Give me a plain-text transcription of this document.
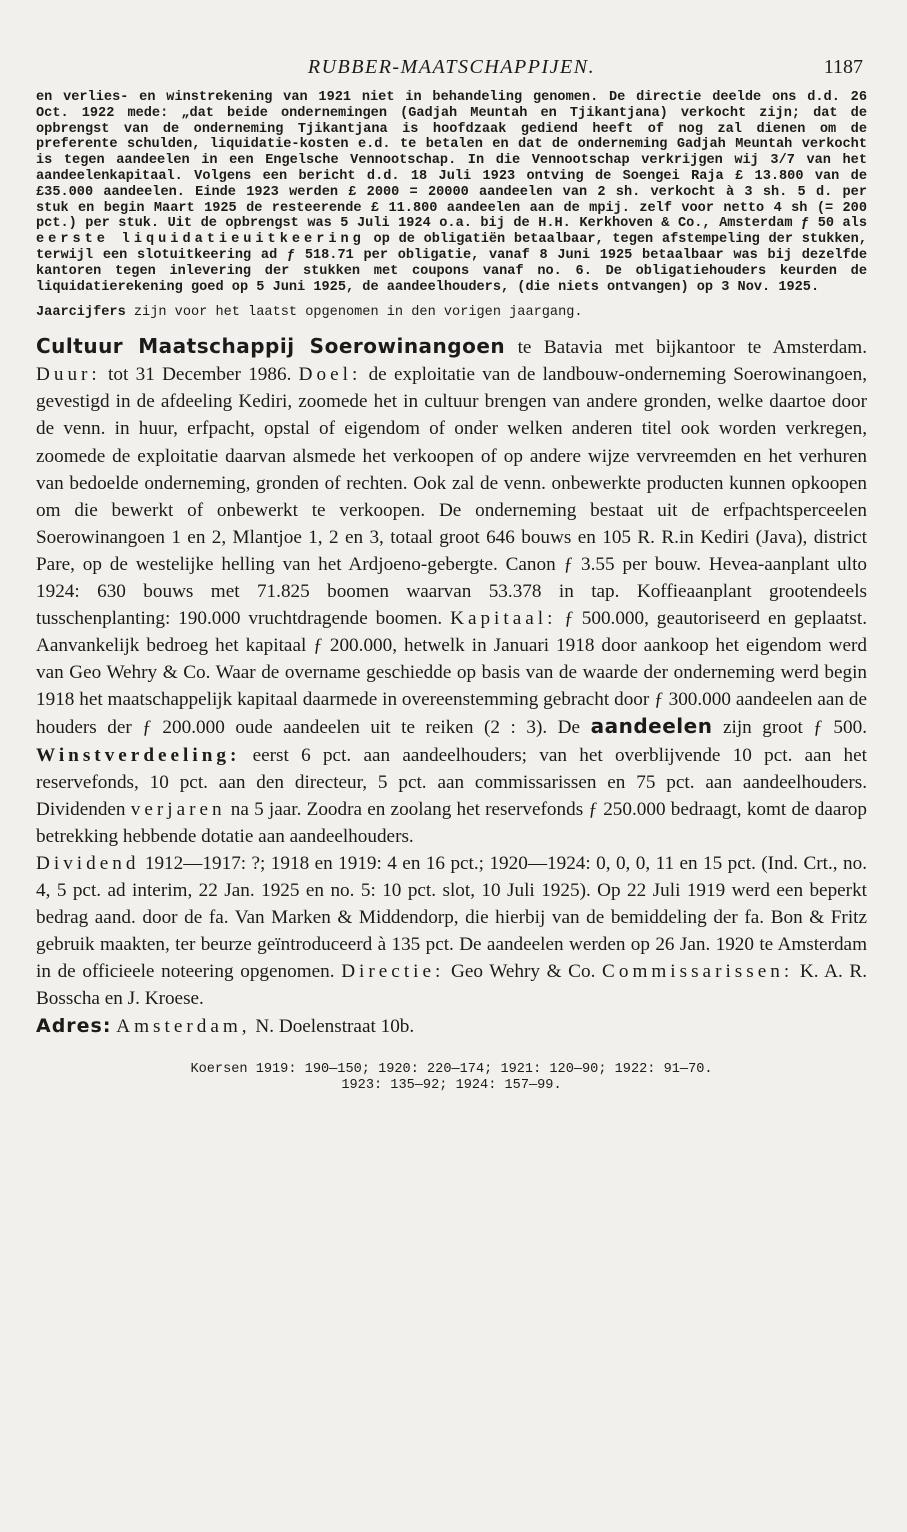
RUBBER-MAATSCHAPPIJEN.	1187

en verlies- en winstrekening van 1921 niet in behandeling genomen. De directie deelde ons d.d. 26 Oct. 1922 mede: „dat beide ondernemingen (Gadjah Meuntah en Tjikantjana) verkocht zijn; dat de opbrengst van de onderneming Tjikantjana is hoofdzaak gediend heeft of nog zal dienen om de preferente schulden, liquidatie-kosten e.d. te betalen en dat de onderneming Gadjah Meuntah verkocht is tegen aandeelen in een Engelsche Vennootschap. In die Vennootschap verkrijgen wij 3/7 van het aandeelenkapitaal. Volgens een bericht d.d. 18 Juli 1923 ontving de Soengei Raja £ 13.800 van de £35.000 aandeelen. Einde 1923 werden £ 2000 = 20000 aandeelen van 2 sh. verkocht à 3 sh. 5 d. per stuk en begin Maart 1925 de resteerende £ 11.800 aandeelen aan de mpij. zelf voor netto 4 sh (= 200 pct.) per stuk. Uit de opbrengst was 5 Juli 1924 o.a. bij de H.H. Kerkhoven & Co., Amsterdam ƒ 50 als eerste liquidatieuitkeering op de obligatiën betaalbaar, tegen afstempeling der stukken, terwijl een slotuitkeering ad ƒ 518.71 per obligatie, vanaf 8 Juni 1925 betaalbaar was bij dezelfde kantoren tegen inlevering der stukken met coupons vanaf no. 6. De obligatiehouders keurden de liquidatierekening goed op 5 Juni 1925, de aandeelhouders, (die niets ontvangen) op 3 Nov. 1925.

Jaarcijfers zijn voor het laatst opgenomen in den vorigen jaargang.

Cultuur Maatschappij Soerowinangoen te Batavia met bijkantoor te Amsterdam. Duur: tot 31 December 1986. Doel: de exploitatie van de landbouw-onderneming Soerowinangoen, gevestigd in de afdeeling Kediri, zoomede het in cultuur brengen van andere gronden, welke daartoe door de venn. in huur, erfpacht, opstal of eigendom of onder welken anderen titel ook worden verkregen, zoomede de exploitatie daarvan alsmede het verkoopen of op andere wijze vervreemden en het verhuren van bedoelde onderneming, gronden of rechten. Ook zal de venn. onbewerkte producten kunnen opkoopen om die bewerkt of onbewerkt te verkoopen. De onderneming bestaat uit de erfpachtsperceelen Soerowinangoen 1 en 2, Mlantjoe 1, 2 en 3, totaal groot 646 bouws en 105 R. R.in Kediri (Java), district Pare, op de westelijke helling van het Ardjoeno-gebergte. Canon ƒ 3.55 per bouw. Hevea-aanplant ulto 1924: 630 bouws met 71.825 boomen waarvan 53.378 in tap. Koffieaanplant grootendeels tusschenplanting: 190.000 vruchtdragende boomen. Kapitaal: ƒ 500.000, geautoriseerd en geplaatst. Aanvankelijk bedroeg het kapitaal ƒ 200.000, hetwelk in Januari 1918 door aankoop het eigendom werd van Geo Wehry & Co. Waar de overname geschiedde op basis van de waarde der onderneming werd begin 1918 het maatschappelijk kapitaal daarmede in overeenstemming gebracht door ƒ 300.000 aandeelen aan de houders der ƒ 200.000 oude aandeelen uit te reiken (2 : 3). De aandeelen zijn groot ƒ 500. Winstverdeeling: eerst 6 pct. aan aandeelhouders; van het overblijvende 10 pct. aan het reservefonds, 10 pct. aan den directeur, 5 pct. aan commissarissen en 75 pct. aan aandeelhouders. Dividenden verjaren na 5 jaar. Zoodra en zoolang het reservefonds ƒ 250.000 bedraagt, komt de daarop betrekking hebbende dotatie aan aandeelhouders.
Dividend 1912—1917: ?; 1918 en 1919: 4 en 16 pct.; 1920—1924: 0, 0, 0, 11 en 15 pct. (Ind. Crt., no. 4, 5 pct. ad interim, 22 Jan. 1925 en no. 5: 10 pct. slot, 10 Juli 1925). Op 22 Juli 1919 werd een beperkt bedrag aand. door de fa. Van Marken & Middendorp, die hierbij van de bemiddeling der fa. Bon & Fritz gebruik maakten, ter beurze geïntroduceerd à 135 pct. De aandeelen werden op 26 Jan. 1920 te Amsterdam in de officieele noteering opgenomen. Directie: Geo Wehry & Co. Commissarissen: K. A. R. Bosscha en J. Kroese.
Adres: Amsterdam, N. Doelenstraat 10b.

Koersen 1919: 190—150; 1920: 220—174; 1921: 120—90; 1922: 91—70.
1923: 135—92; 1924: 157—99.
